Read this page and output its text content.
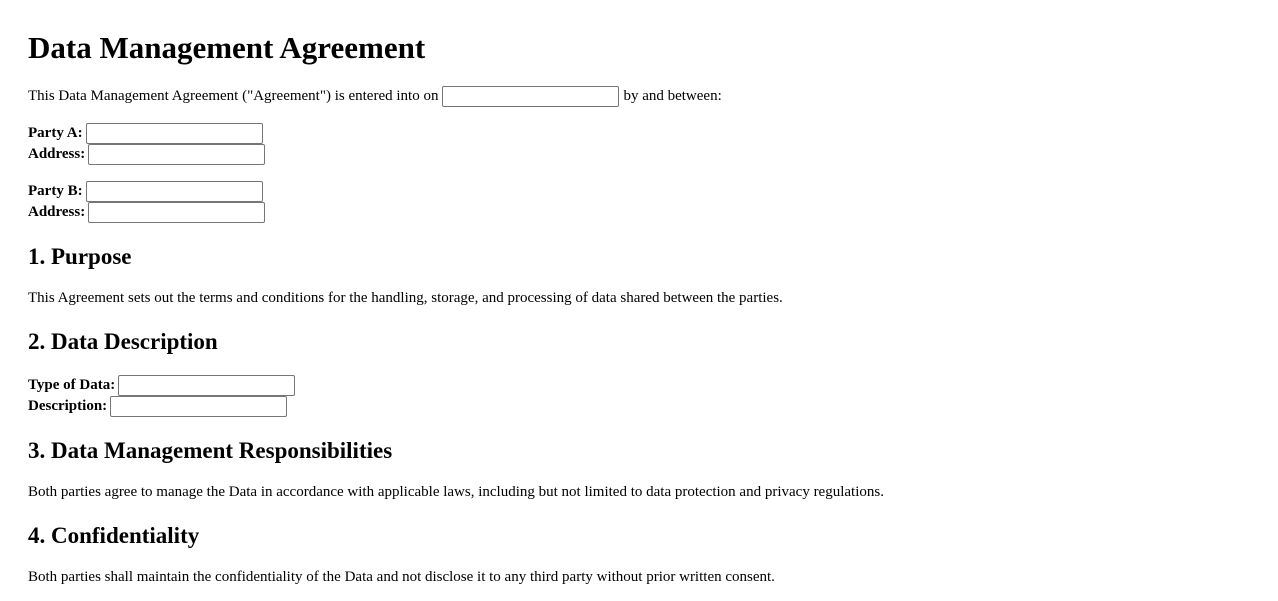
Data Management Agreement
This Data Management Agreement ("Agreement") is entered into on	by and between:
Party A:
Address:
Party B:
Address:
1. Purpose

This Agreement sets out the terms and conditions for the handling, storage, and processing of data shared between the parties.

2. Data Description
Type of Data:
Description:
3. Data Management Responsibilities

Both parties agree to manage the Data in accordance with applicable laws, including but not limited to data protection and privacy regulations.

4. Confidentiality

Both parties shall maintain the confidentiality of the Data and not disclose it to any third party without prior written consent.
